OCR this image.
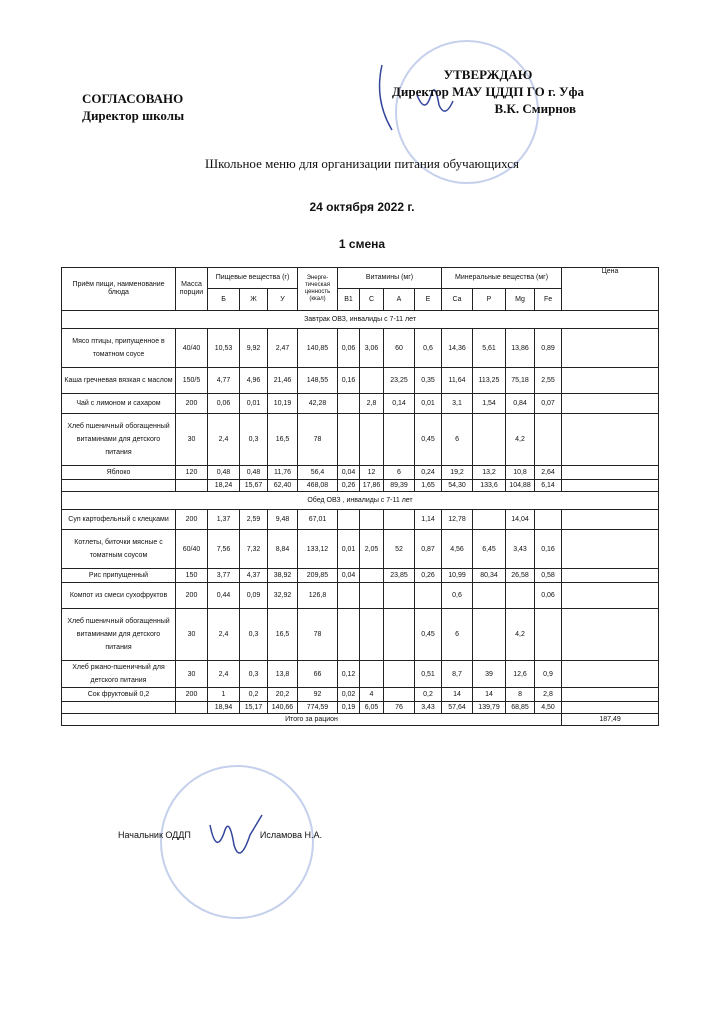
СОГЛАСОВАНО
Директор школы
УТВЕРЖДАЮ
Директор МАУ ЦДДП ГО г. Уфа
В.К. Смирнов
Школьное меню для организации питания обучающихся
24 октября 2022 г.
1 смена
Приём пищи, наименование блюда	Масса порции	Пищевые вещества (г)			Энерге-тическая ценность (ккал)	Витамины (мг)				Минеральные вещества (мг)				Цена
		Б	Ж	У		В1	С	А	Е	Са	Р	Mg	Fe	
Завтрак ОВЗ, инвалиды с 7-11 лет														
Мясо птицы, припущенное в томатном соусе	40/40	10,53	9,92	2,47	140,85	0,06	3,06	60	0,6	14,36	5,61	13,86	0,89	
Каша гречневая вязкая с маслом	150/5	4,77	4,96	21,46	148,55	0,16		23,25	0,35	11,64	113,25	75,18	2,55	
Чай с лимоном и сахаром	200	0,06	0,01	10,19	42,28		2,8	0,14	0,01	3,1	1,54	0,84	0,07	
Хлеб пшеничный обогащенный витаминами для детского питания	30	2,4	0,3	16,5	78				0,45	6		4,2		
Яблоко	120	0,48	0,48	11,76	56,4	0,04	12	6	0,24	19,2	13,2	10,8	2,64	
		18,24	15,67	62,40	468,08	0,26	17,86	89,39	1,65	54,30	133,6	104,88	6,14	
Обед ОВЗ , инвалиды с 7-11 лет														
Суп картофельный с клецками	200	1,37	2,59	9,48	67,01				1,14	12,78		14,04		
Котлеты, биточки мясные с томатным соусом	60/40	7,56	7,32	8,84	133,12	0,01	2,05	52	0,87	4,56	6,45	3,43	0,16	
Рис припущенный	150	3,77	4,37	38,92	209,85	0,04		23,85	0,26	10,99	80,34	26,58	0,58	
Компот из смеси сухофруктов	200	0,44	0,09	32,92	126,8					0,6			0,06	
Хлеб пшеничный обогащенный витаминами для детского питания	30	2,4	0,3	16,5	78				0,45	6		4,2		
Хлеб ржано-пшеничный для детского питания	30	2,4	0,3	13,8	66	0,12			0,51	8,7	39	12,6	0,9	
Сок фруктовый 0,2	200	1	0,2	20,2	92	0,02	4		0,2	14	14	8	2,8	
		18,94	15,17	140,66	774,59	0,19	6,05	76	3,43	57,64	139,79	68,85	4,50	
Итого за рацион														187,49
Начальник ОДДП	Исламова Н.А.
